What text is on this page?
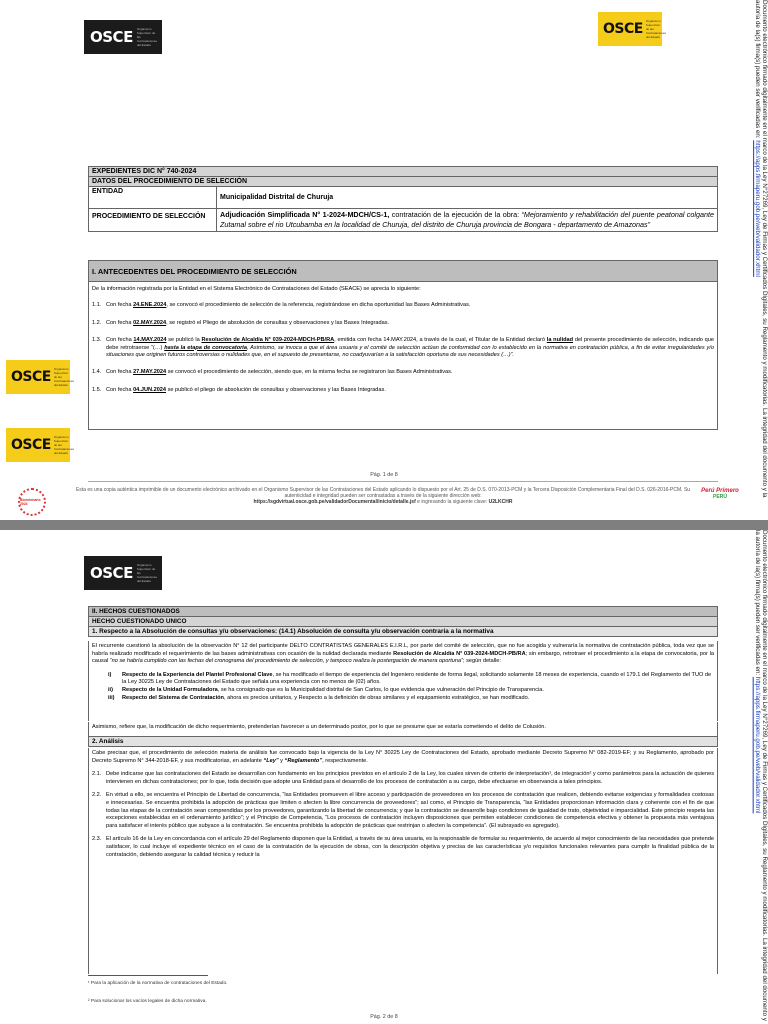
OSCE Organismo Supervisor de las Contrataciones del Estado
OSCE Organismo Supervisor de las Contrataciones del Estado	Documento electrónico firmado digitalmente en el marco de la Ley N°27269, Ley de Firmas y Certificados Digitales, su Reglamento y modificatorias. La integridad del documento y la autoría de la(s) firma(s) pueden ser verificadas en: https://apps.firmaperu.gob.pe/web/validador.xhtml
EXPEDIENTES DIC N° 740-2024	
DATOS DEL PROCEDIMIENTO DE SELECCIÓN	
ENTIDAD	Municipalidad Distrital de Churuja
PROCEDIMIENTO DE SELECCIÓN	Adjudicación Simplificada N° 1-2024-MDCH/CS-1, contratación de la ejecución de la obra: “Mejoramiento y rehabilitación del puente peatonal colgante Zutamal sobre el rio Utcubamba en la localidad de Churuja, del distrito de Churuja provincia de Bongara - departamento de Amazonas”
I. ANTECEDENTES DEL PROCEDIMIENTO DE SELECCIÓN

De la información registrada por la Entidad en el Sistema Electrónico de Contrataciones del Estado (SEACE) se aprecia lo siguiente:

1.1. Con fecha 24.ENE.2024, se convocó el procedimiento de selección de la referencia, registrándose en dicha oportunidad las Bases Administrativas.
1.2. Con fecha 02.MAY.2024, se registró el Pliego de absolución de consultas y observaciones y las Bases Integradas.
1.3. Con fecha 14.MAY.2024 se publicó la Resolución de Alcaldía N° 039-2024-MDCH-PB/RA, emitida con fecha 14.MAY.2024, a través de la cual, el Titular de la Entidad declaró la nulidad del presente procedimiento de selección, indicando que debe retrotraerse “(…) hasta la etapa de convocatoria, Asimismo, se invoca a que el área usuaria y el comité de selección actúan de conformidad con lo establecido en la normativa en contratación pública, a fin de evitar irregularidades y/o situaciones que originen futuros controversias o nulidades que, en el supuesto de presentarse, no coadyuvarían a la satisfacción oportuna de sus necesidades (…)”.
1.4. Con fecha 27.MAY.2024 se convocó el procedimiento de selección, siendo que, en la misma fecha se registraron las Bases Administrativas.
1.5. Con fecha 04.JUN.2024 se publicó el pliego de absolución de consultas y observaciones y las Bases Integradas.
OSCE Organismo Supervisor de las Contrataciones del Estado
OSCE Organismo Supervisor de las Contrataciones del Estado
Pág. 1 de 8
Bicentenario 2024
Esta es una copia auténtica imprimible de un documento electrónico archivado en el Organismo Supervisor de las Contrataciones del Estado aplicando lo dispuesto por el Art. 25 de D.S. 070-2013-PCM y la Tercera Disposición Complementaria Final del D.S. 026-2016-PCM. Su autenticidad e integridad pueden ser contrastadas a través de la siguiente dirección web:
https://sgdvirtual.osce.gob.pe/validadorDocumental/inicio/detalle.jsf e ingresando la siguiente clave: U2LKCHR
Perú Primero
PERÚ
OSCE Organismo Supervisor de las Contrataciones del Estado	Documento electrónico firmado digitalmente en el marco de la Ley N°27269, Ley de Firmas y Certificados Digitales, su Reglamento y modificatorias. La integridad del documento y la autoría de la(s) firma(s) pueden ser verificadas en: https://apps.firmaperu.gob.pe/web/validador.xhtml
II. HECHOS CUESTIONADOS
HECHO CUESTIONADO UNICO
1. Respecto a la Absolución de consultas y/u observaciones: (14.1) Absolución de consulta y/u observación contraria a la normativa

El recurrente cuestionó la absolución de la observación N° 12 del participante DELTO CONTRATISTAS GENERALES E.I.R.L, por parte del comité de selección, que no fue acogida y vulneraría la normativa de contratación pública, toda vez que se habría realizado modificado el requerimiento de las bases administrativas con ocasión de la nulidad declarada mediante Resolución de Alcaldía N° 039-2024-MDCH-PB/RA; sin embargo, retrotraer el procedimiento a la etapa de convocatoria, por la causal “no se habría cumplido con las fechas del cronograma del procedimiento de selección, y tampoco realiza la postergación de manera oportuna”; según detalle:

i)	Respecto de la Experiencia del Plantel Profesional Clave, se ha modificado el tiempo de experiencia del Ingeniero residente de forma ilegal, solicitando solamente 18 meses de experiencia, cuando el 179.1 del Reglamento del TUO de la Ley 30225 Ley de Contrataciones del Estado que señala una experiencia con no menos de (02) años.
ii)	Respecto de la Unidad Formuladora, se ha consignado que es la Municipalidad distrital de San Carlos, lo que evidencia que vulneración del Principio de Transparencia.
iii)	Respecto del Sistema de Contratación, ahora es precios unitarios, y Respecto a la definición de obras similares y el equipamiento estratégico, se han modificado.
Asimismo, refiere que, la modificación de dicho requerimiento, pretenderían favorecer a un determinado postor, por lo que se presume que se estaría cometiendo el delito de Colusión.
2. Análisis

Cabe precisar que, el procedimiento de selección materia de análisis fue convocado bajo la vigencia de la Ley N° 30225 Ley de Contrataciones del Estado, aprobado mediante Decreto Supremo N° 082-2019-EF; y su Reglamento, aprobado por Decreto Supremo N° 344-2018-EF, y sus modificatorias, en adelante “Ley” y “Reglamento”, respectivamente.

2.1. Debe indicarse que las contrataciones del Estado se desarrollan con fundamento en los principios previstos en el artículo 2 de la Ley, los cuales sirven de criterio de interpretación¹, de integración² y como parámetros para la actuación de quienes intervienen en dichas contrataciones; por lo que, toda decisión que adopte una Entidad para el desarrollo de los procesos de contratación a su cargo, debe efectuarse en observancia a tales principios.
2.2. En virtud a ello, se encuentra el Principio de Libertad de concurrencia, “las Entidades promueven el libre acceso y participación de proveedores en los procesos de contratación que realicen, debiendo evitarse exigencias y formalidades costosas e innecesarias. Se encuentra prohibida la adopción de prácticas que limiten o afecten la libre concurrencia de proveedores”; así como, el Principio de Transparencia, “las Entidades proporcionan información clara y coherente con el fin de que todas las etapas de la contratación sean comprendidas por los proveedores, garantizando la libertad de concurrencia; y que la contratación se desarrolle bajo condiciones de igualdad de trato, objetividad e imparcialidad. Este principio respeta las excepciones establecidas en el ordenamiento jurídico”; y el Principio de Competencia, “Los procesos de contratación incluyen disposiciones que permiten establecer condiciones de competencia efectiva y obtener la propuesta más ventajosa para satisfacer el interés público que subyace a la contratación. Se encuentra prohibida la adopción de prácticas que restrinjan o afecten la competencia”. (El subrayado es agregado).
2.3. El artículo 16 de la Ley en concordancia con el artículo 29 del Reglamento disponen que la Entidad, a través de su área usuaria, es la responsable de formular su requerimiento, de acuerdo al mejor conocimiento de las necesidades que pretende satisfacer, lo cual incluye el expediente técnico en el caso de la contratación de la ejecución de obras, con la descripción objetiva y precisa de las características y/o requisitos funcionales relevantes para cumplir la finalidad pública de la contratación, debiendo asegurar la calidad técnica y reducir la
¹ Para la aplicación de la normativa de contrataciones del Estado.
² Para solucionar los vacíos legales de dicha normativa.
Pág. 2 de 8
